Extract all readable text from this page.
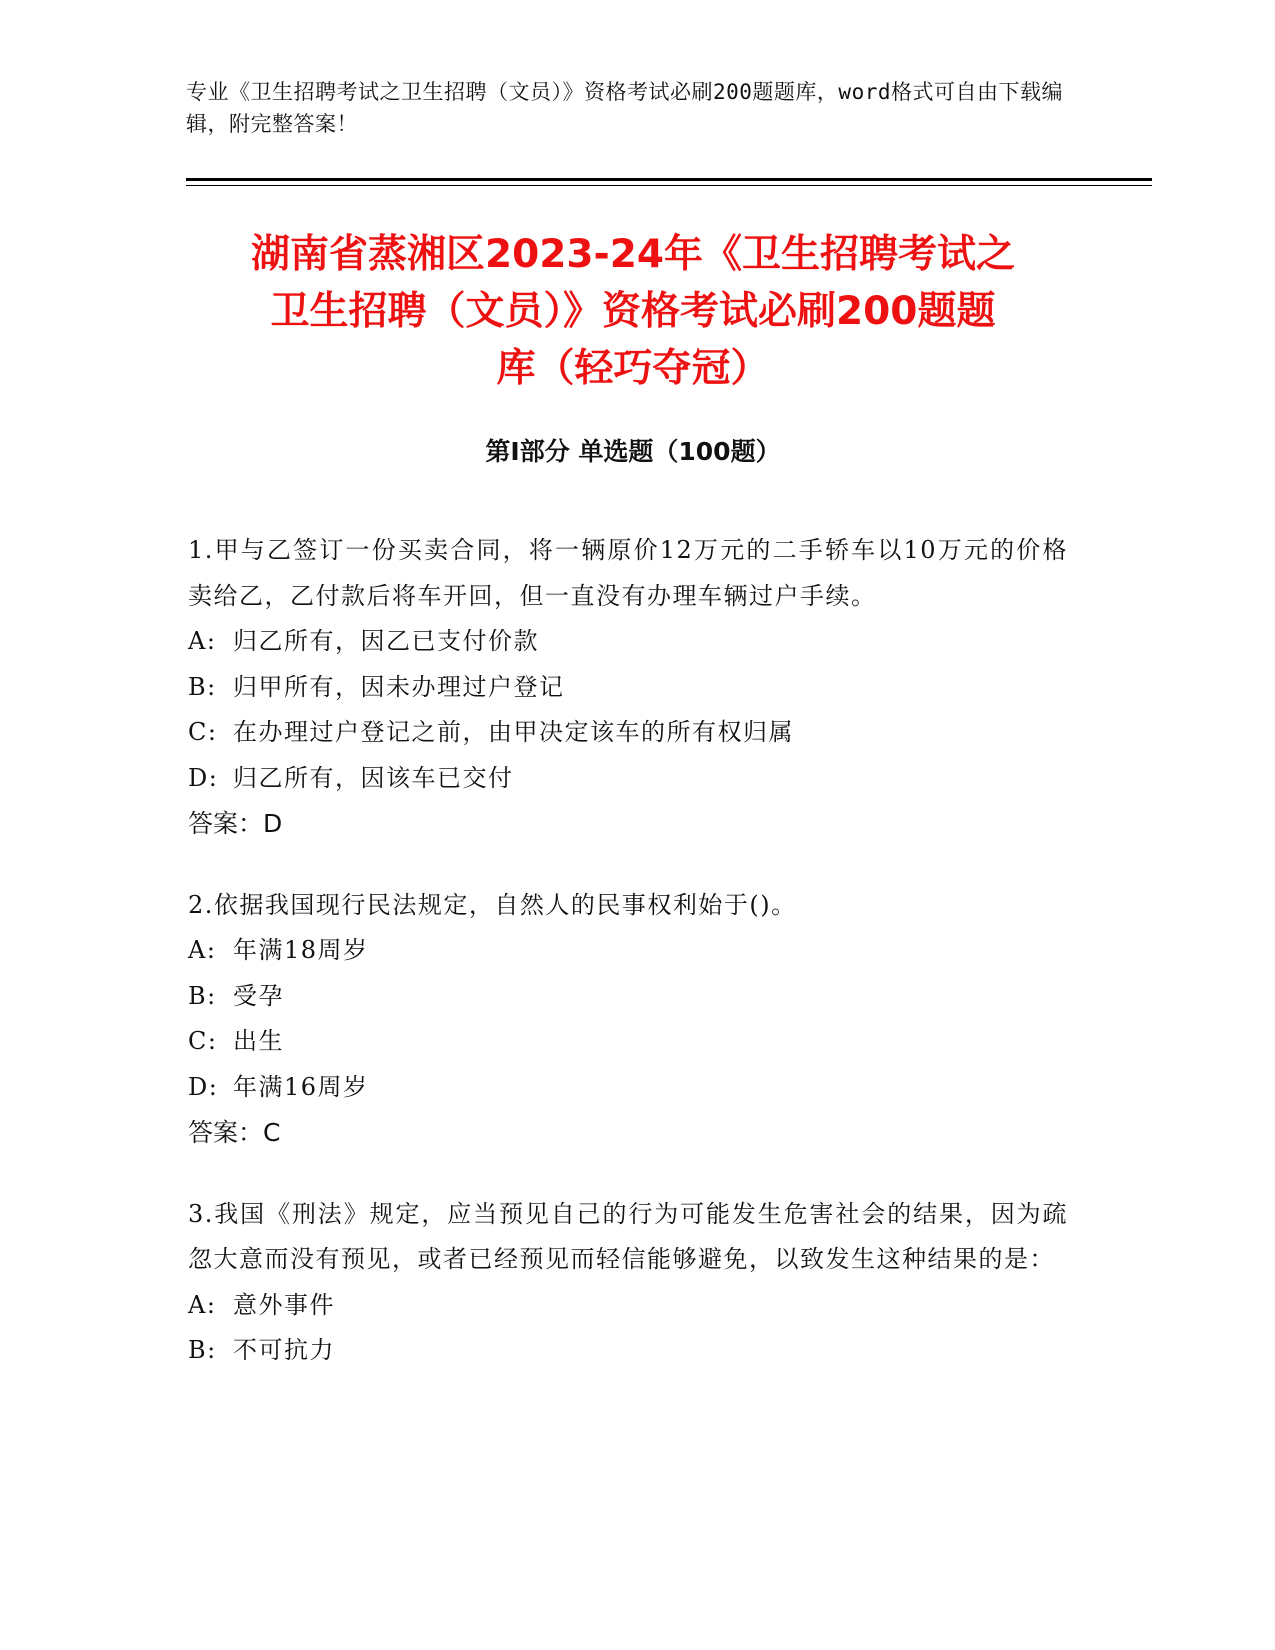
专业《卫生招聘考试之卫生招聘（文员）》资格考试必刷200题题库，word格式可自由下载编辑，附完整答案！
湖南省蒸湘区2023-24年《卫生招聘考试之
卫生招聘（文员）》资格考试必刷200题题
库（轻巧夺冠）
第Ⅰ部分 单选题（100题）
1.甲与乙签订一份买卖合同，将一辆原价12万元的二手轿车以10万元的价格卖给乙，乙付款后将车开回，但一直没有办理车辆过户手续。
A: 归乙所有，因乙已支付价款
B: 归甲所有，因未办理过户登记
C: 在办理过户登记之前，由甲决定该车的所有权归属
D: 归乙所有，因该车已交付
答案：D
2.依据我国现行民法规定，自然人的民事权利始于()。
A: 年满18周岁
B: 受孕
C: 出生
D: 年满16周岁
答案：C
3.我国《刑法》规定，应当预见自己的行为可能发生危害社会的结果，因为疏忽大意而没有预见，或者已经预见而轻信能够避免，以致发生这种结果的是：
A: 意外事件
B: 不可抗力
